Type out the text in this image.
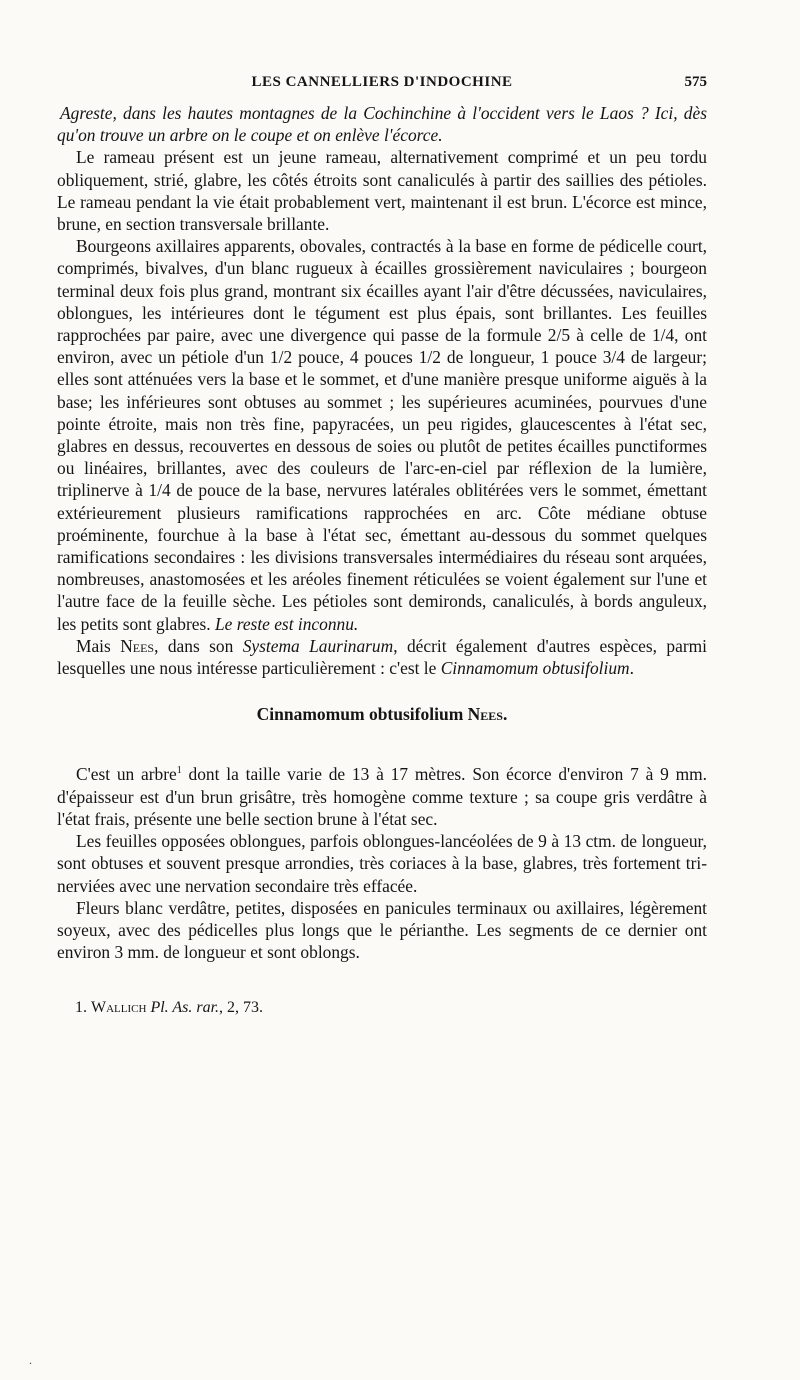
LES CANNELLIERS D'INDOCHINE	575

Agreste, dans les hautes montagnes de la Cochinchine à l'occident vers le Laos ? Ici, dès qu'on trouve un arbre on le coupe et on enlève l'écorce.

Le rameau présent est un jeune rameau, alternativement comprimé et un peu tordu obliquement, strié, glabre, les côtés étroits sont canaliculés à partir des saillies des pétioles. Le rameau pendant la vie était probablement vert, maintenant il est brun. L'écorce est mince, brune, en section transversale brillante.

Bourgeons axillaires apparents, obovales, contractés à la base en forme de pédicelle court, comprimés, bivalves, d'un blanc rugueux à écailles grossièrement naviculaires ; bourgeon terminal deux fois plus grand, montrant six écailles ayant l'air d'être décussées, naviculaires, oblongues, les intérieures dont le tégument est plus épais, sont brillantes. Les feuilles rapprochées par paire, avec une divergence qui passe de la formule 2/5 à celle de 1/4, ont environ, avec un pétiole d'un 1/2 pouce, 4 pouces 1/2 de longueur, 1 pouce 3/4 de largeur; elles sont atténuées vers la base et le sommet, et d'une manière presque uniforme aiguës à la base; les inférieures sont obtuses au sommet ; les supérieures acuminées, pourvues d'une pointe étroite, mais non très fine, papyracées, un peu rigides, glaucescentes à l'état sec, glabres en dessus, recouvertes en dessous de soies ou plutôt de petites écailles punctiformes ou linéaires, brillantes, avec des couleurs de l'arc-en-ciel par réflexion de la lumière, triplinerve à 1/4 de pouce de la base, nervures latérales oblitérées vers le sommet, émettant extérieurement plusieurs ramifications rapprochées en arc. Côte médiane obtuse proéminente, fourchue à la base à l'état sec, émettant au-dessous du sommet quelques ramifications secondaires : les divisions transversales intermédiaires du réseau sont arquées, nombreuses, anastomosées et les aréoles finement réticulées se voient également sur l'une et l'autre face de la feuille sèche. Les pétioles sont demironds, canaliculés, à bords anguleux, les petits sont glabres. Le reste est inconnu.

Mais Nees, dans son Systema Laurinarum, décrit également d'autres espèces, parmi lesquelles une nous intéresse particulièrement : c'est le Cinnamomum obtusifolium.

Cinnamomum obtusifolium Nees.

C'est un arbre$^1$ dont la taille varie de 13 à 17 mètres. Son écorce d'environ 7 à 9 mm. d'épaisseur est d'un brun grisâtre, très homogène comme texture ; sa coupe gris verdâtre à l'état frais, présente une belle section brune à l'état sec.

Les feuilles opposées oblongues, parfois oblongues-lancéolées de 9 à 13 ctm. de longueur, sont obtuses et souvent presque arrondies, très coriaces à la base, glabres, très fortement tri-nerviées avec une nervation secondaire très effacée.

Fleurs blanc verdâtre, petites, disposées en panicules terminaux ou axillaires, légèrement soyeux, avec des pédicelles plus longs que le périanthe. Les segments de ce dernier ont environ 3 mm. de longueur et sont oblongs.

1. Wallich Pl. As. rar., 2, 73.
.
